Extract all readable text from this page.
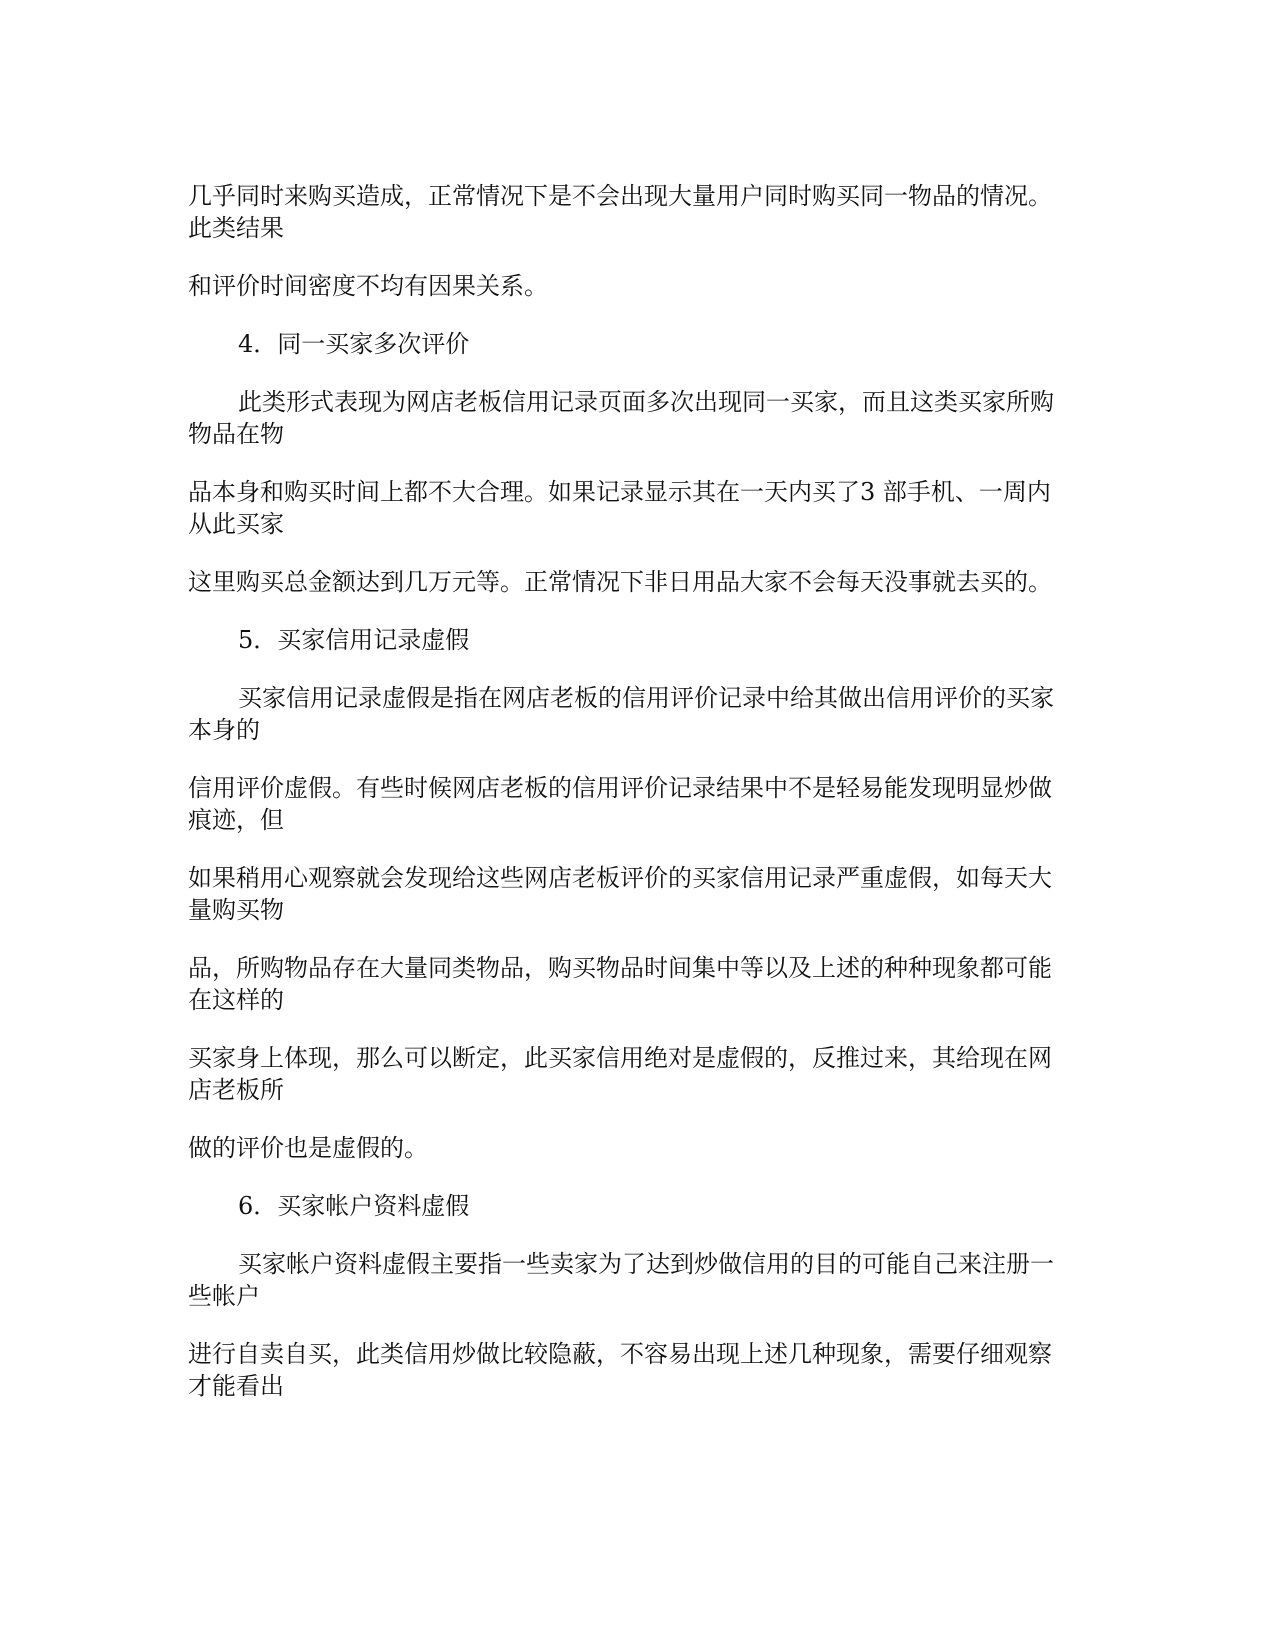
几乎同时来购买造成，正常情况下是不会出现大量用户同时购买同一物品的情况。
此类结果
和评价时间密度不均有因果关系。
4．同一买家多次评价
此类形式表现为网店老板信用记录页面多次出现同一买家，而且这类买家所购
物品在物
品本身和购买时间上都不大合理。如果记录显示其在一天内买了3 部手机、一周内
从此买家
这里购买总金额达到几万元等。正常情况下非日用品大家不会每天没事就去买的。
5．买家信用记录虚假
买家信用记录虚假是指在网店老板的信用评价记录中给其做出信用评价的买家
本身的
信用评价虚假。有些时候网店老板的信用评价记录结果中不是轻易能发现明显炒做
痕迹，但
如果稍用心观察就会发现给这些网店老板评价的买家信用记录严重虚假，如每天大
量购买物
品，所购物品存在大量同类物品，购买物品时间集中等以及上述的种种现象都可能
在这样的
买家身上体现，那么可以断定，此买家信用绝对是虚假的，反推过来，其给现在网
店老板所
做的评价也是虚假的。
6．买家帐户资料虚假
买家帐户资料虚假主要指一些卖家为了达到炒做信用的目的可能自己来注册一
些帐户
进行自卖自买，此类信用炒做比较隐蔽，不容易出现上述几种现象，需要仔细观察
才能看出
